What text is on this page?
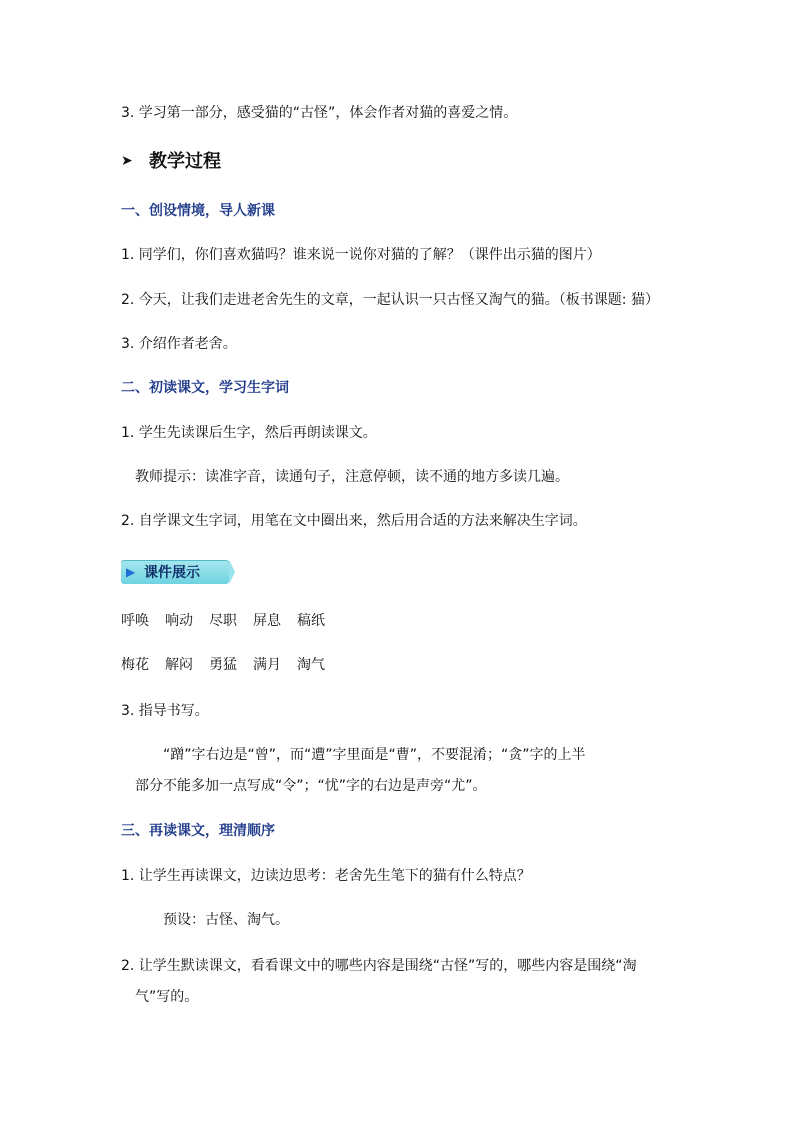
3. 学习第一部分，感受猫的“古怪”，体会作者对猫的喜爱之情。
➤ 教学过程
一、创设情境，导人新课
1. 同学们，你们喜欢猫吗？谁来说一说你对猫的了解？（课件出示猫的图片）
2. 今天，让我们走进老舍先生的文章，一起认识一只古怪又淘气的猫。（板书课题: 猫）
3. 介绍作者老舍。
二、初读课文，学习生字词
1. 学生先读课后生字，然后再朗读课文。
教师提示：读准字音，读通句子，注意停顿，读不通的地方多读几遍。
2. 自学课文生字词，用笔在文中圈出来，然后用合适的方法来解决生字词。
▶ 课件展示
呼唤 响动 尽职 屏息 稿纸
梅花 解闷 勇猛 满月 淘气
3. 指导书写。
“蹭”字右边是“曾”，而“遭”字里面是“曹”，不要混淆；“贪”字的上半
部分不能多加一点写成“令”；“忧”字的右边是声旁“尤”。
三、再读课文，理清顺序
1. 让学生再读课文，边读边思考：老舍先生笔下的猫有什么特点？
预设：古怪、淘气。
2. 让学生默读课文，看看课文中的哪些内容是围绕“古怪”写的，哪些内容是围绕“淘
气”写的。
